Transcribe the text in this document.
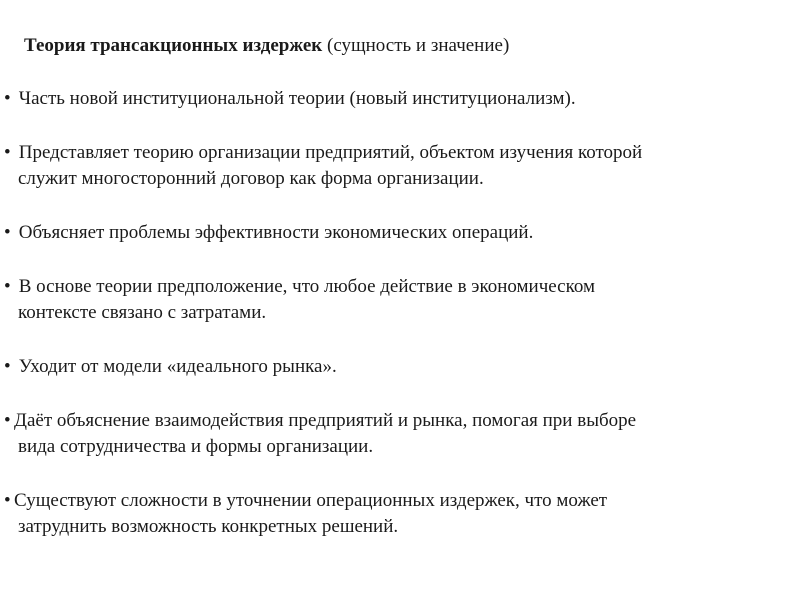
Теория трансакционных издержек (сущность и значение)
• Часть новой институциональной теории (новый институционализм).
• Представляет теорию организации предприятий, объектом изучения которой
служит многосторонний договор как форма организации.
• Объясняет проблемы эффективности экономических операций.
• В основе теории предположение, что любое действие в экономическом
контексте связано с затратами.
• Уходит от модели «идеального рынка».
• Даёт объяснение взаимодействия предприятий и рынка, помогая при выборе
вида сотрудничества и формы организации.
• Существуют сложности в уточнении операционных издержек, что может
затруднить возможность конкретных решений.
